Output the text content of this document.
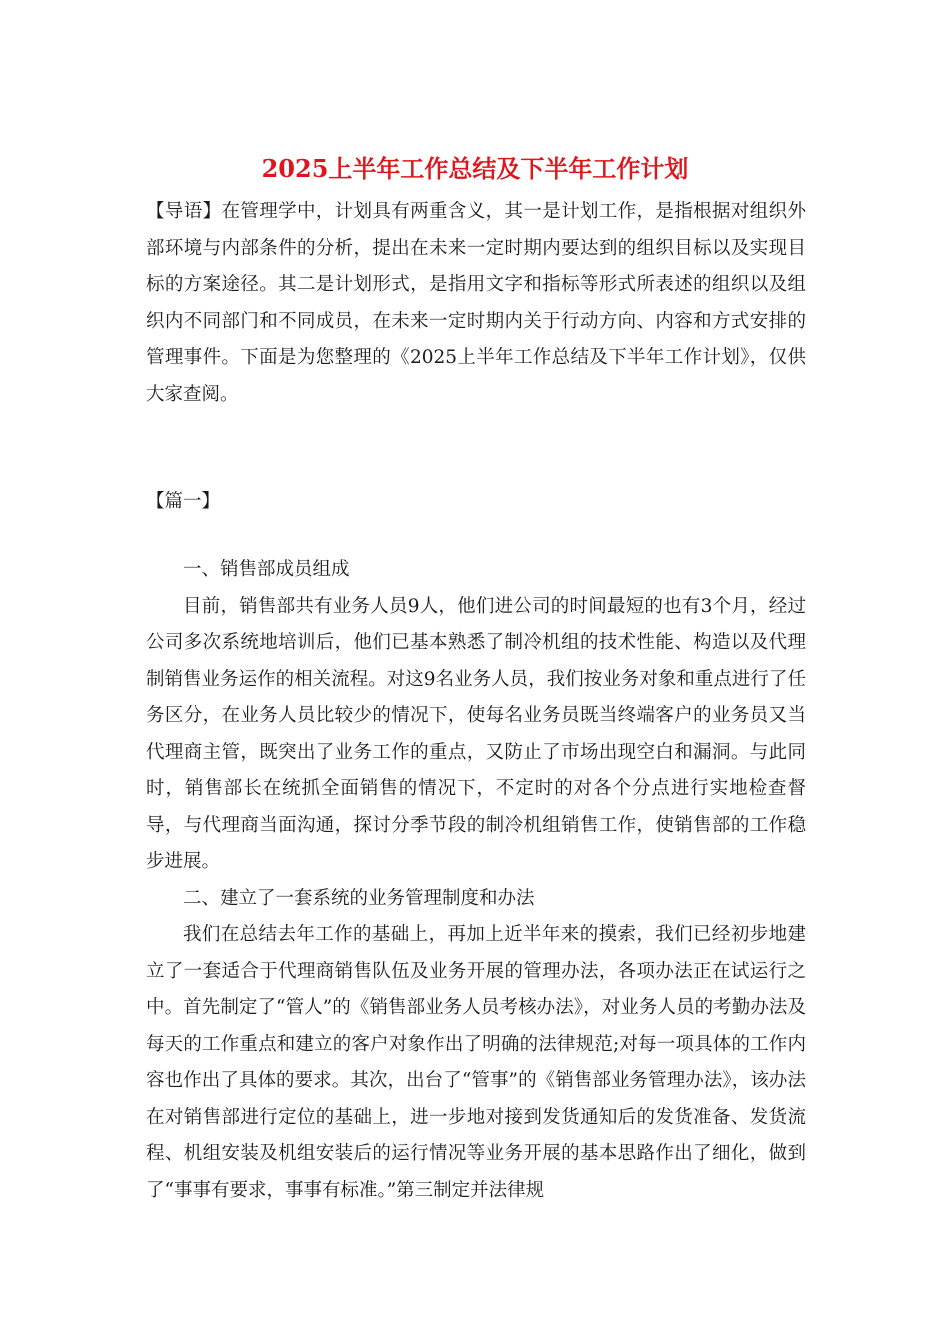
2025上半年工作总结及下半年工作计划

【导语】在管理学中，计划具有两重含义，其一是计划工作，是指根据对组织外部环境与内部条件的分析，提出在未来一定时期内要达到的组织目标以及实现目标的方案途径。其二是计划形式，是指用文字和指标等形式所表述的组织以及组织内不同部门和不同成员，在未来一定时期内关于行动方向、内容和方式安排的管理事件。下面是为您整理的《2025上半年工作总结及下半年工作计划》，仅供大家查阅。

【篇一】

一、销售部成员组成

目前，销售部共有业务人员9人，他们进公司的时间最短的也有3个月，经过公司多次系统地培训后，他们已基本熟悉了制冷机组的技术性能、构造以及代理制销售业务运作的相关流程。对这9名业务人员，我们按业务对象和重点进行了任务区分，在业务人员比较少的情况下，使每名业务员既当终端客户的业务员又当代理商主管，既突出了业务工作的重点，又防止了市场出现空白和漏洞。与此同时，销售部长在统抓全面销售的情况下，不定时的对各个分点进行实地检查督导，与代理商当面沟通，探讨分季节段的制冷机组销售工作，使销售部的工作稳步进展。

二、建立了一套系统的业务管理制度和办法

我们在总结去年工作的基础上，再加上近半年来的摸索，我们已经初步地建立了一套适合于代理商销售队伍及业务开展的管理办法，各项办法正在试运行之中。首先制定了“管人”的《销售部业务人员考核办法》，对业务人员的考勤办法及每天的工作重点和建立的客户对象作出了明确的法律规范;对每一项具体的工作内容也作出了具体的要求。其次，出台了“管事”的《销售部业务管理办法》，该办法在对销售部进行定位的基础上，进一步地对接到发货通知后的发货准备、发货流程、机组安装及机组安装后的运行情况等业务开展的基本思路作出了细化，做到了“事事有要求，事事有标准。”第三制定并法律规
